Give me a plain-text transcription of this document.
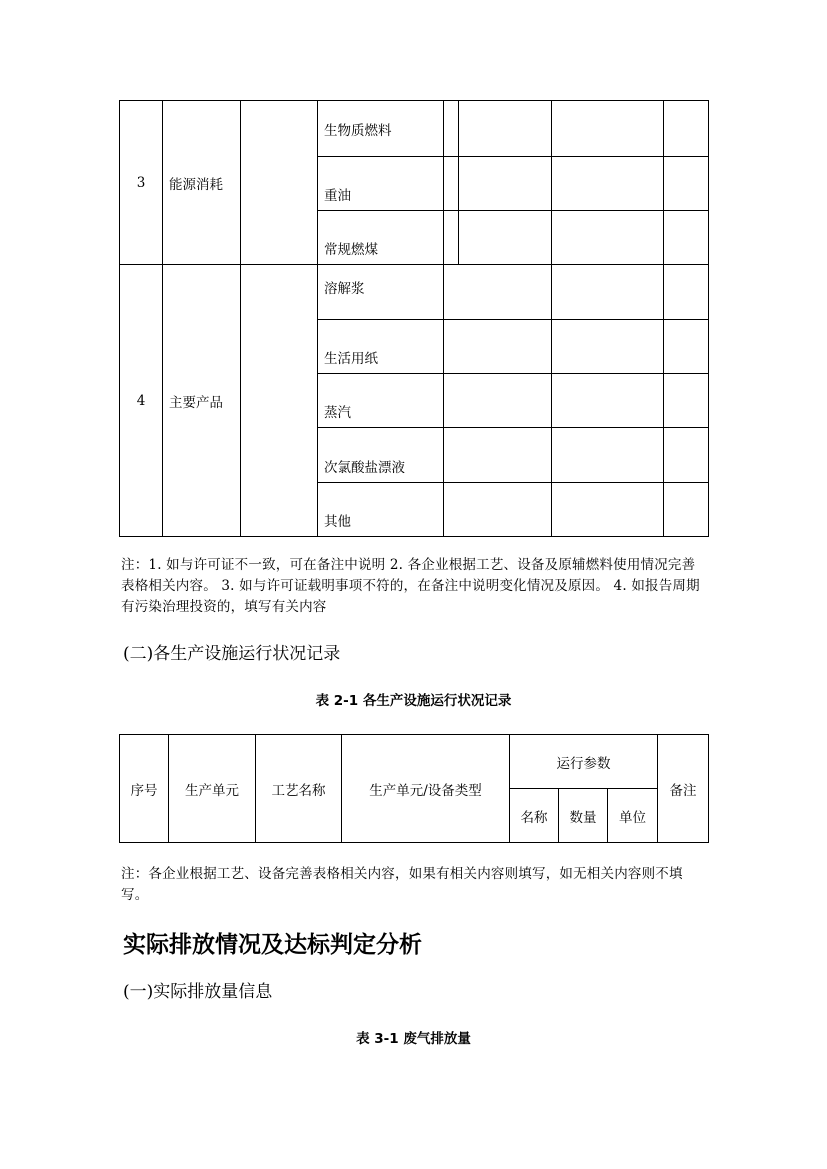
3	能源消耗		生物质燃料				
			重油				
			常规燃煤				
4	主要产品		溶解浆				
			生活用纸				
			蒸汽				
			次氯酸盐漂液				
			其他				
注：1. 如与许可证不一致，可在备注中说明 2. 各企业根据工艺、设备及原辅燃料使用情况完善表格相关内容。 3. 如与许可证载明事项不符的，在备注中说明变化情况及原因。 4. 如报告周期有污染治理投资的，填写有关内容
(二)各生产设施运行状况记录
表 2-1 各生产设施运行状况记录
序号	生产单元	工艺名称	生产单元/设备类型	运行参数			备注
				名称	数量	单位	
注：各企业根据工艺、设备完善表格相关内容，如果有相关内容则填写，如无相关内容则不填写。
实际排放情况及达标判定分析
(一)实际排放量信息
表 3-1 废气排放量
